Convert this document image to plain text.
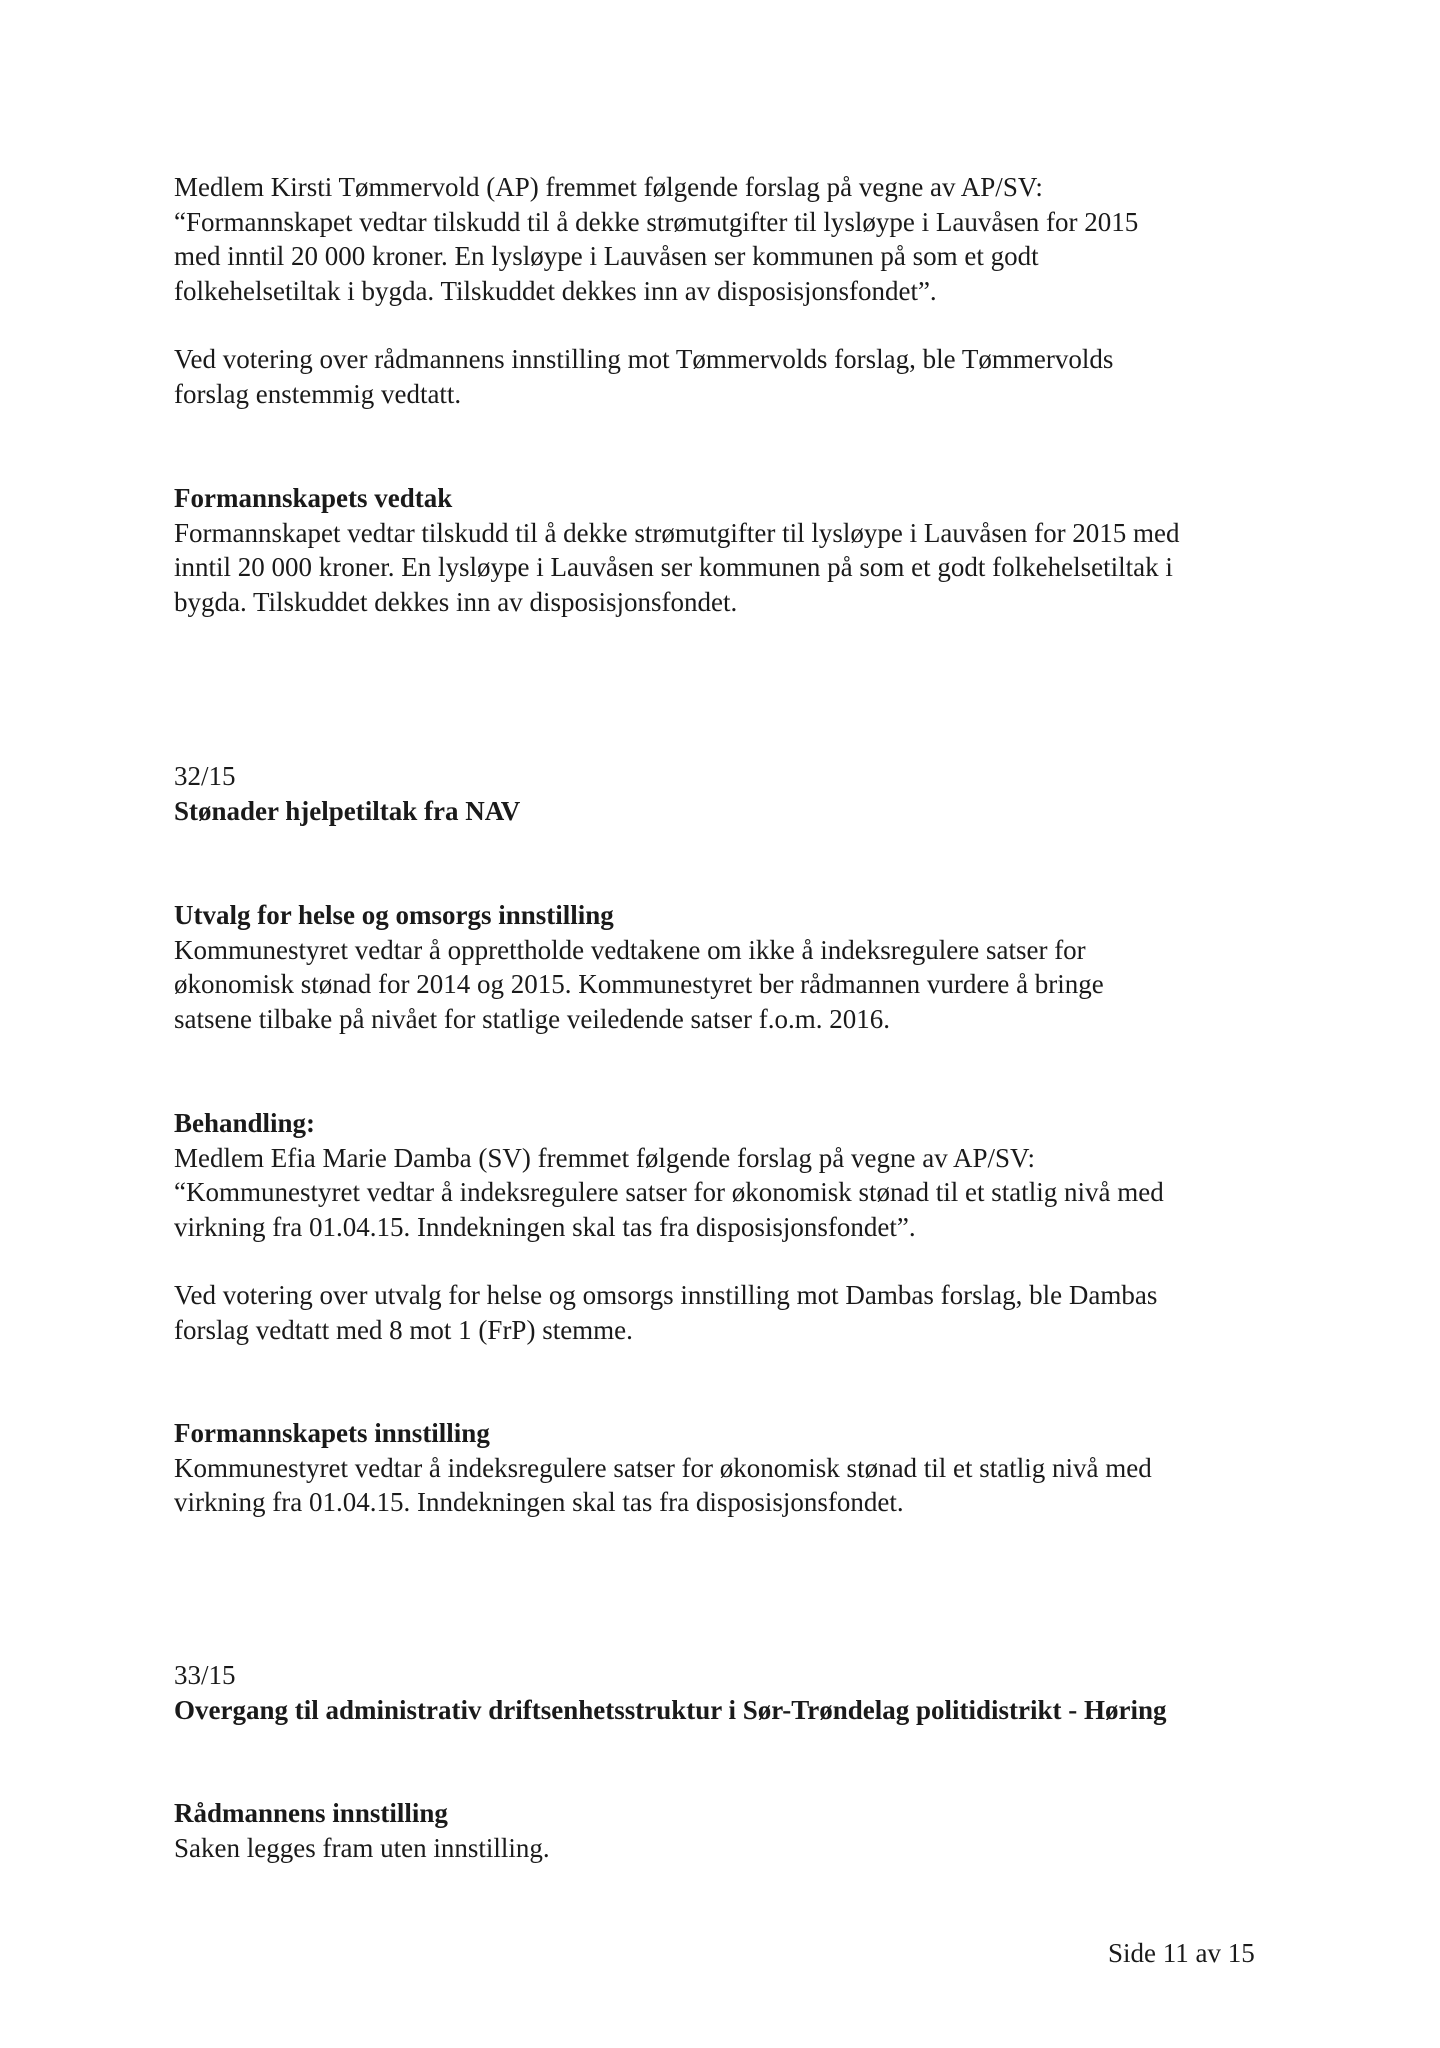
Medlem Kirsti Tømmervold (AP) fremmet følgende forslag på vegne av AP/SV:
“Formannskapet vedtar tilskudd til å dekke strømutgifter til lysløype i Lauvåsen for 2015
med inntil 20 000 kroner. En lysløype i Lauvåsen ser kommunen på som et godt
folkehelsetiltak i bygda. Tilskuddet dekkes inn av disposisjonsfondet”.
Ved votering over rådmannens innstilling mot Tømmervolds forslag, ble Tømmervolds
forslag enstemmig vedtatt.
Formannskapets vedtak
Formannskapet vedtar tilskudd til å dekke strømutgifter til lysløype i Lauvåsen for 2015 med
inntil 20 000 kroner. En lysløype i Lauvåsen ser kommunen på som et godt folkehelsetiltak i
bygda. Tilskuddet dekkes inn av disposisjonsfondet.
32/15
Stønader hjelpetiltak fra NAV
Utvalg for helse og omsorgs innstilling
Kommunestyret vedtar å opprettholde vedtakene om ikke å indeksregulere satser for
økonomisk stønad for 2014 og 2015. Kommunestyret ber rådmannen vurdere å bringe
satsene tilbake på nivået for statlige veiledende satser f.o.m. 2016.
Behandling:
Medlem Efia Marie Damba (SV) fremmet følgende forslag på vegne av AP/SV:
“Kommunestyret vedtar å indeksregulere satser for økonomisk stønad til et statlig nivå med
virkning fra 01.04.15. Inndekningen skal tas fra disposisjonsfondet”.
Ved votering over utvalg for helse og omsorgs innstilling mot Dambas forslag, ble Dambas
forslag vedtatt med 8 mot 1 (FrP) stemme.
Formannskapets innstilling
Kommunestyret vedtar å indeksregulere satser for økonomisk stønad til et statlig nivå med
virkning fra 01.04.15. Inndekningen skal tas fra disposisjonsfondet.
33/15
Overgang til administrativ driftsenhetsstruktur i Sør-Trøndelag politidistrikt - Høring
Rådmannens innstilling
Saken legges fram uten innstilling.
Side 11 av 15
